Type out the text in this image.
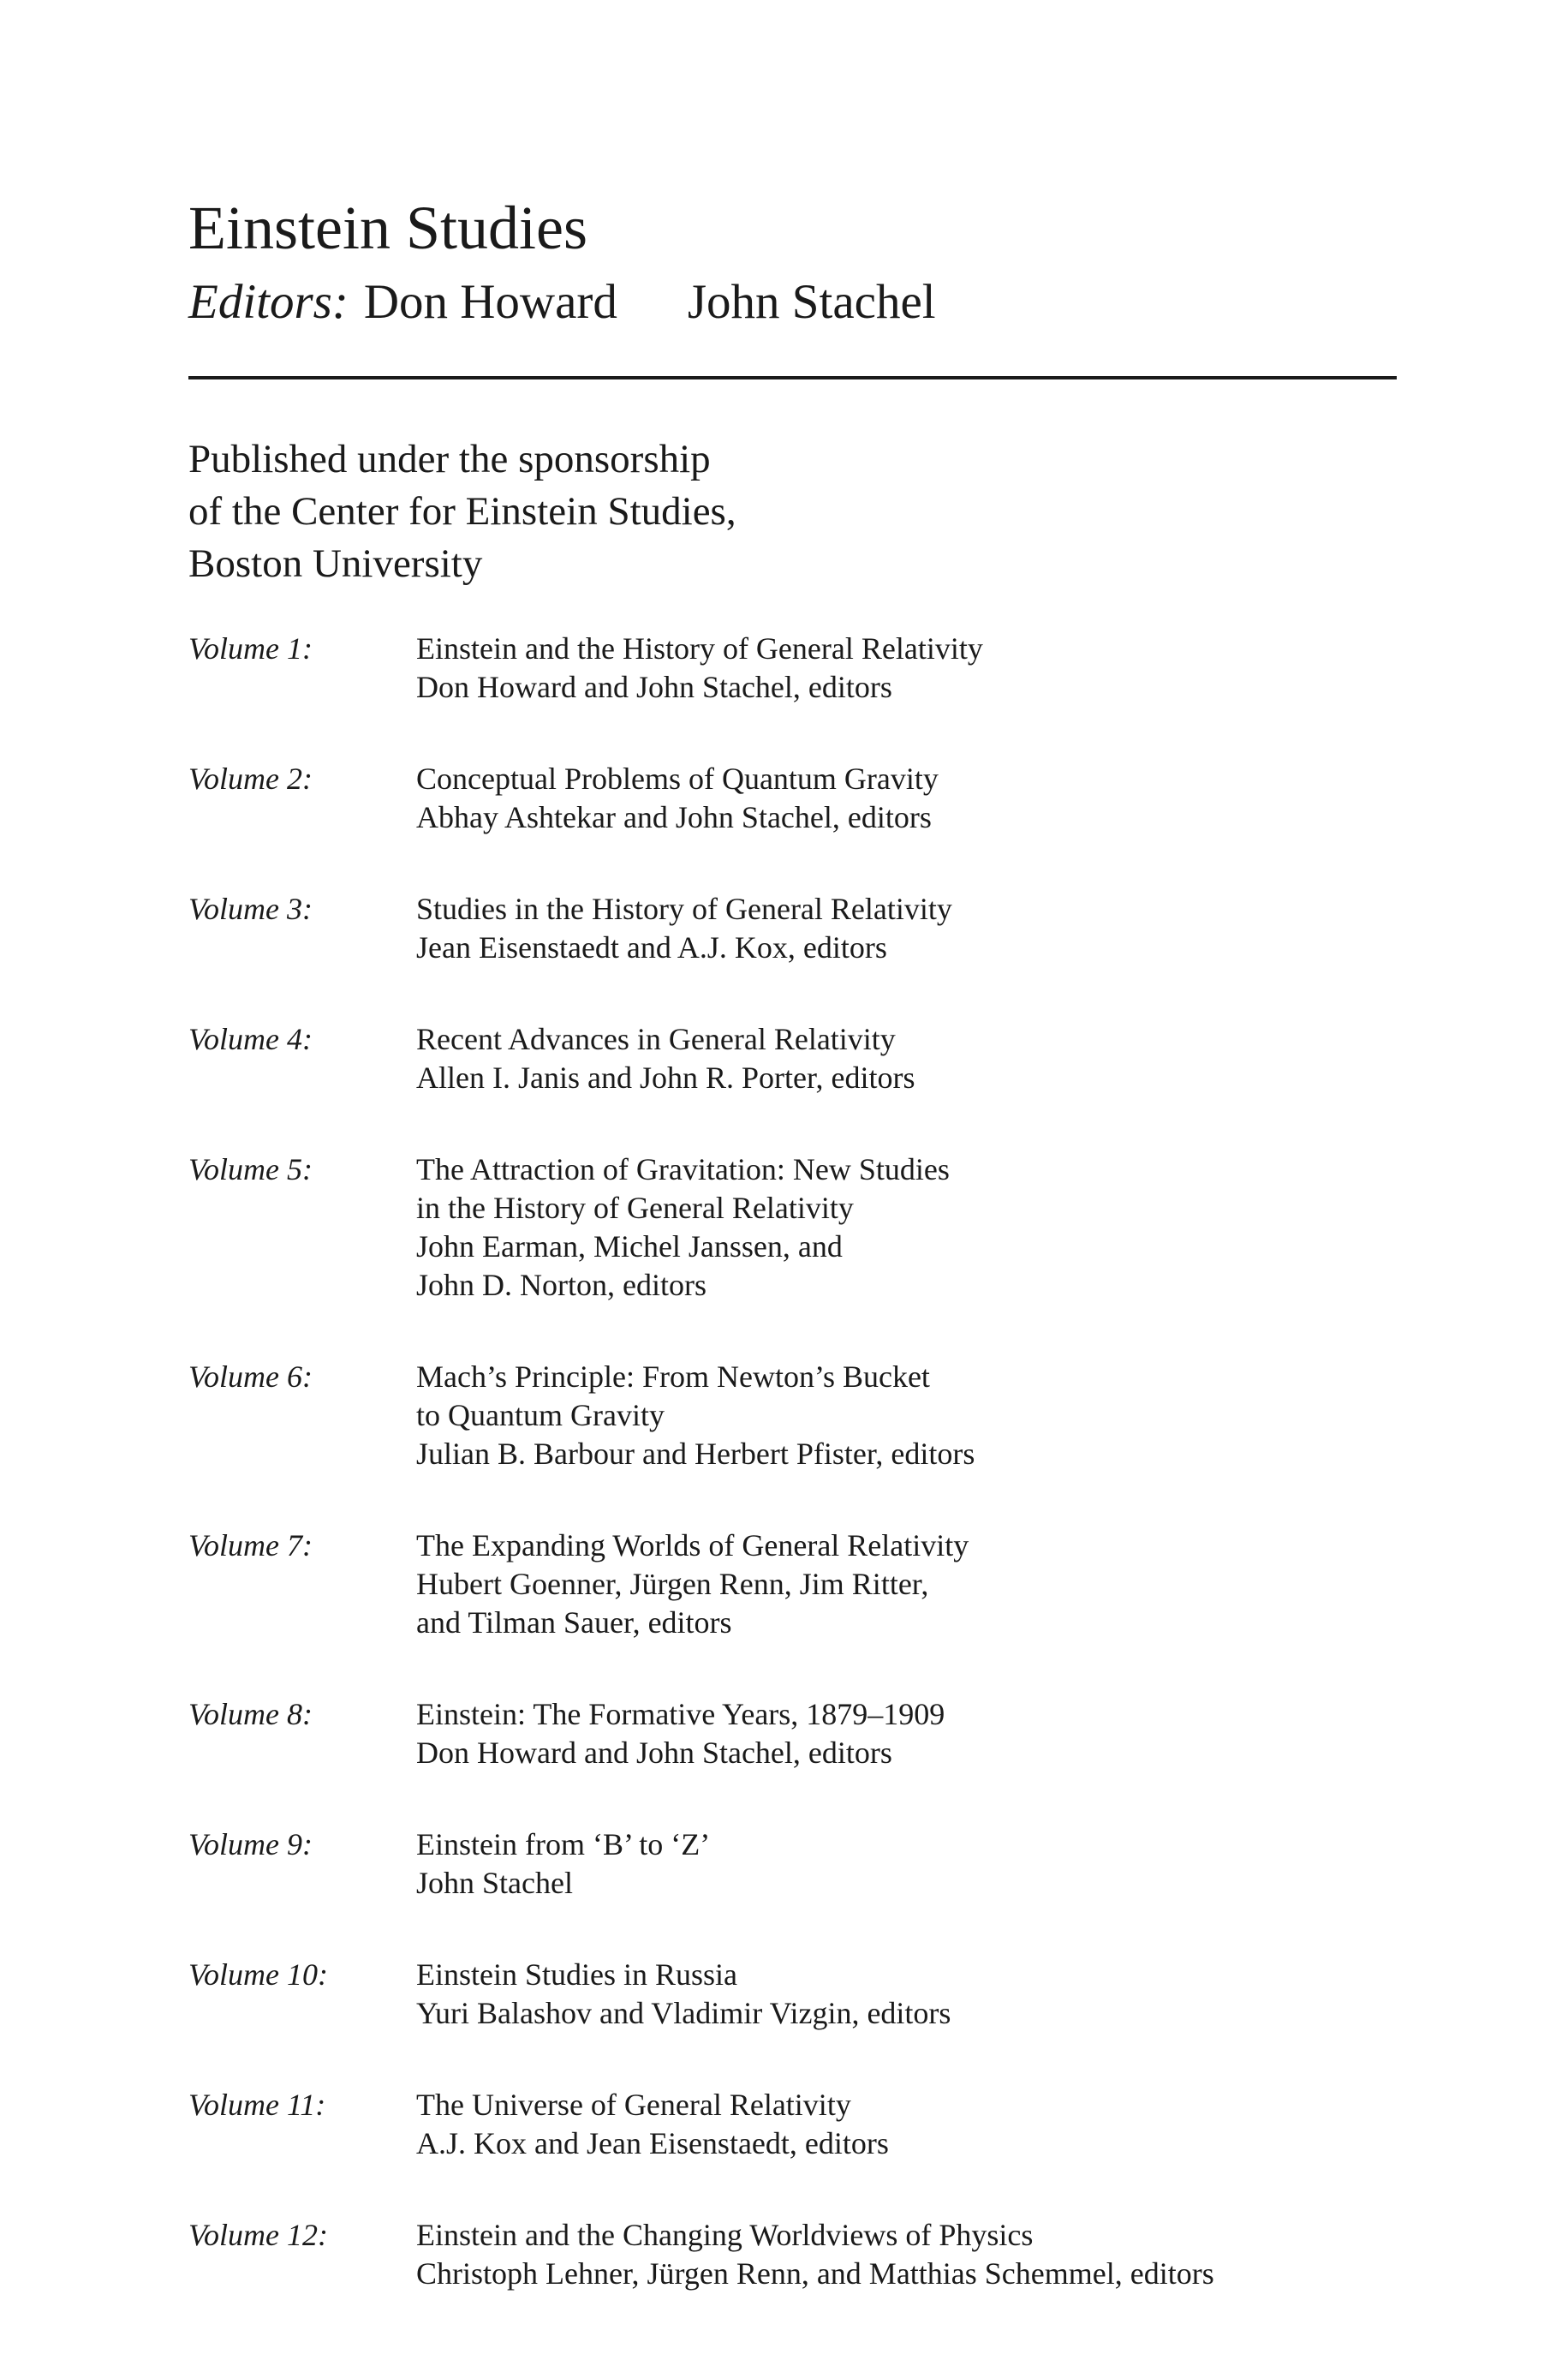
Einstein Studies
Editors: Don Howard John Stachel
Published under the sponsorship
of the Center for Einstein Studies,
Boston University
Volume 1:	Einstein and the History of General Relativity
Don Howard and John Stachel, editors
Volume 2:	Conceptual Problems of Quantum Gravity
Abhay Ashtekar and John Stachel, editors
Volume 3:	Studies in the History of General Relativity
Jean Eisenstaedt and A.J. Kox, editors
Volume 4:	Recent Advances in General Relativity
Allen I. Janis and John R. Porter, editors
Volume 5:	The Attraction of Gravitation: New Studies
in the History of General Relativity
John Earman, Michel Janssen, and
John D. Norton, editors
Volume 6:	Mach’s Principle: From Newton’s Bucket
to Quantum Gravity
Julian B. Barbour and Herbert Pfister, editors
Volume 7:	The Expanding Worlds of General Relativity
Hubert Goenner, Jürgen Renn, Jim Ritter,
and Tilman Sauer, editors
Volume 8:	Einstein: The Formative Years, 1879–1909
Don Howard and John Stachel, editors
Volume 9:	Einstein from ‘B’ to ‘Z’
John Stachel
Volume 10:	Einstein Studies in Russia
Yuri Balashov and Vladimir Vizgin, editors
Volume 11:	The Universe of General Relativity
A.J. Kox and Jean Eisenstaedt, editors
Volume 12:	Einstein and the Changing Worldviews of Physics
Christoph Lehner, Jürgen Renn, and Matthias Schemmel, editors
